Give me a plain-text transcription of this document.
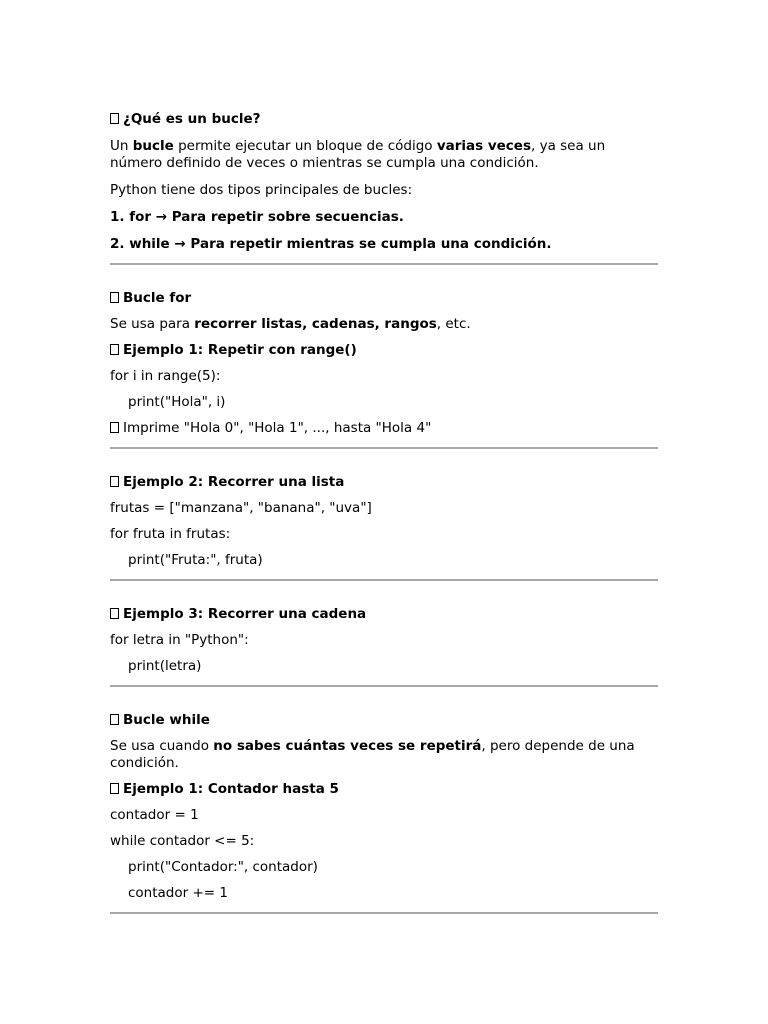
¿Qué es un bucle?

Un bucle permite ejecutar un bloque de código varias veces, ya sea un número definido de veces o mientras se cumpla una condición.

Python tiene dos tipos principales de bucles:

1. for → Para repetir sobre secuencias.

2. while → Para repetir mientras se cumpla una condición.

Bucle for

Se usa para recorrer listas, cadenas, rangos, etc.

Ejemplo 1: Repetir con range()

for i in range(5):

print("Hola", i)

Imprime "Hola 0", "Hola 1", ..., hasta "Hola 4"

Ejemplo 2: Recorrer una lista

frutas = ["manzana", "banana", "uva"]

for fruta in frutas:

print("Fruta:", fruta)

Ejemplo 3: Recorrer una cadena

for letra in "Python":

print(letra)

Bucle while

Se usa cuando no sabes cuántas veces se repetirá, pero depende de una condición.

Ejemplo 1: Contador hasta 5

contador = 1

while contador <= 5:

print("Contador:", contador)

contador += 1
